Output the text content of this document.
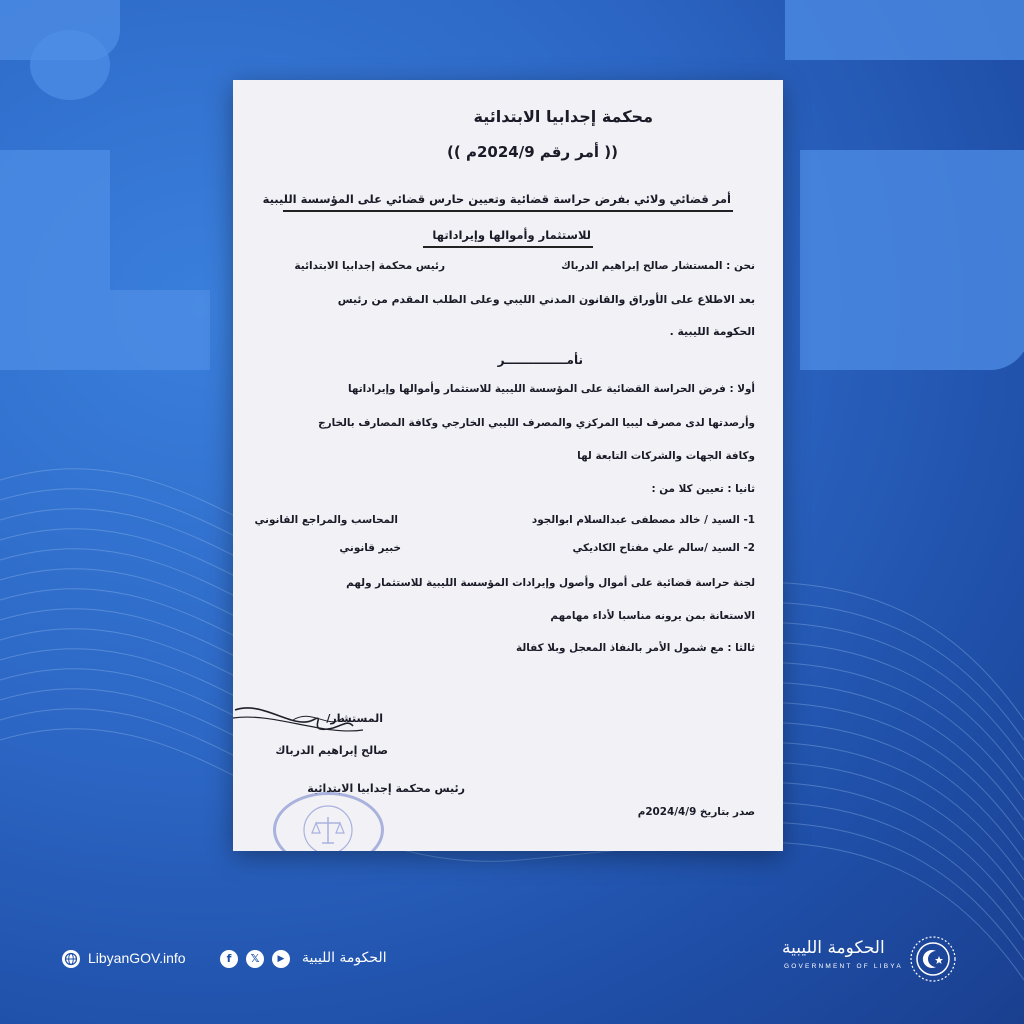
محكمة إجدابيا الابتدائية
(( أمر رقم 2024/9م ))
أمر قضائي ولائي بفرض حراسة قضائية وتعيين حارس قضائي على المؤسسة الليبية
للاستثمار وأموالها وإيراداتها
نحن : المستشار صالح إبراهيم الدرباك
رئيس محكمة إجدابيا الابتدائية
بعد الاطلاع على الأوراق والقانون المدني الليبي وعلى الطلب المقدم من رئيس
الحكومة الليبية .
نأمـــــــــــــــر
أولا : فرض الحراسة القضائية على المؤسسة الليبية للاستثمار وأموالها وإيراداتها
وأرصدتها لدى مصرف ليبيا المركزي والمصرف الليبي الخارجي وكافة المصارف بالخارج
وكافة الجهات والشركات التابعة لها
ثانيا : تعيين كلا من :
1- السيد / خالد مصطفى عبدالسلام ابوالجود
المحاسب والمراجع القانوني
2- السيد /سالم علي مفتاح الكاديكي
خبير قانوني
لجنة حراسة قضائية على أموال وأصول وإيرادات المؤسسة الليبية للاستثمار ولهم
الاستعانة بمن يرونه مناسبا لأداء مهامهم
ثالثا : مع شمول الأمر بالنفاذ المعجل وبلا كفالة
المستشار/
صالح إبراهيم الدرباك
رئيس محكمة إجدابيا الابتدائية
صدر بتاريخ 2024/4/9م
LibyanGOV.info	f	𝕏	▶	الحكومة الليبية	الحكومة الليبية
GOVERNMENT OF LIBYA
